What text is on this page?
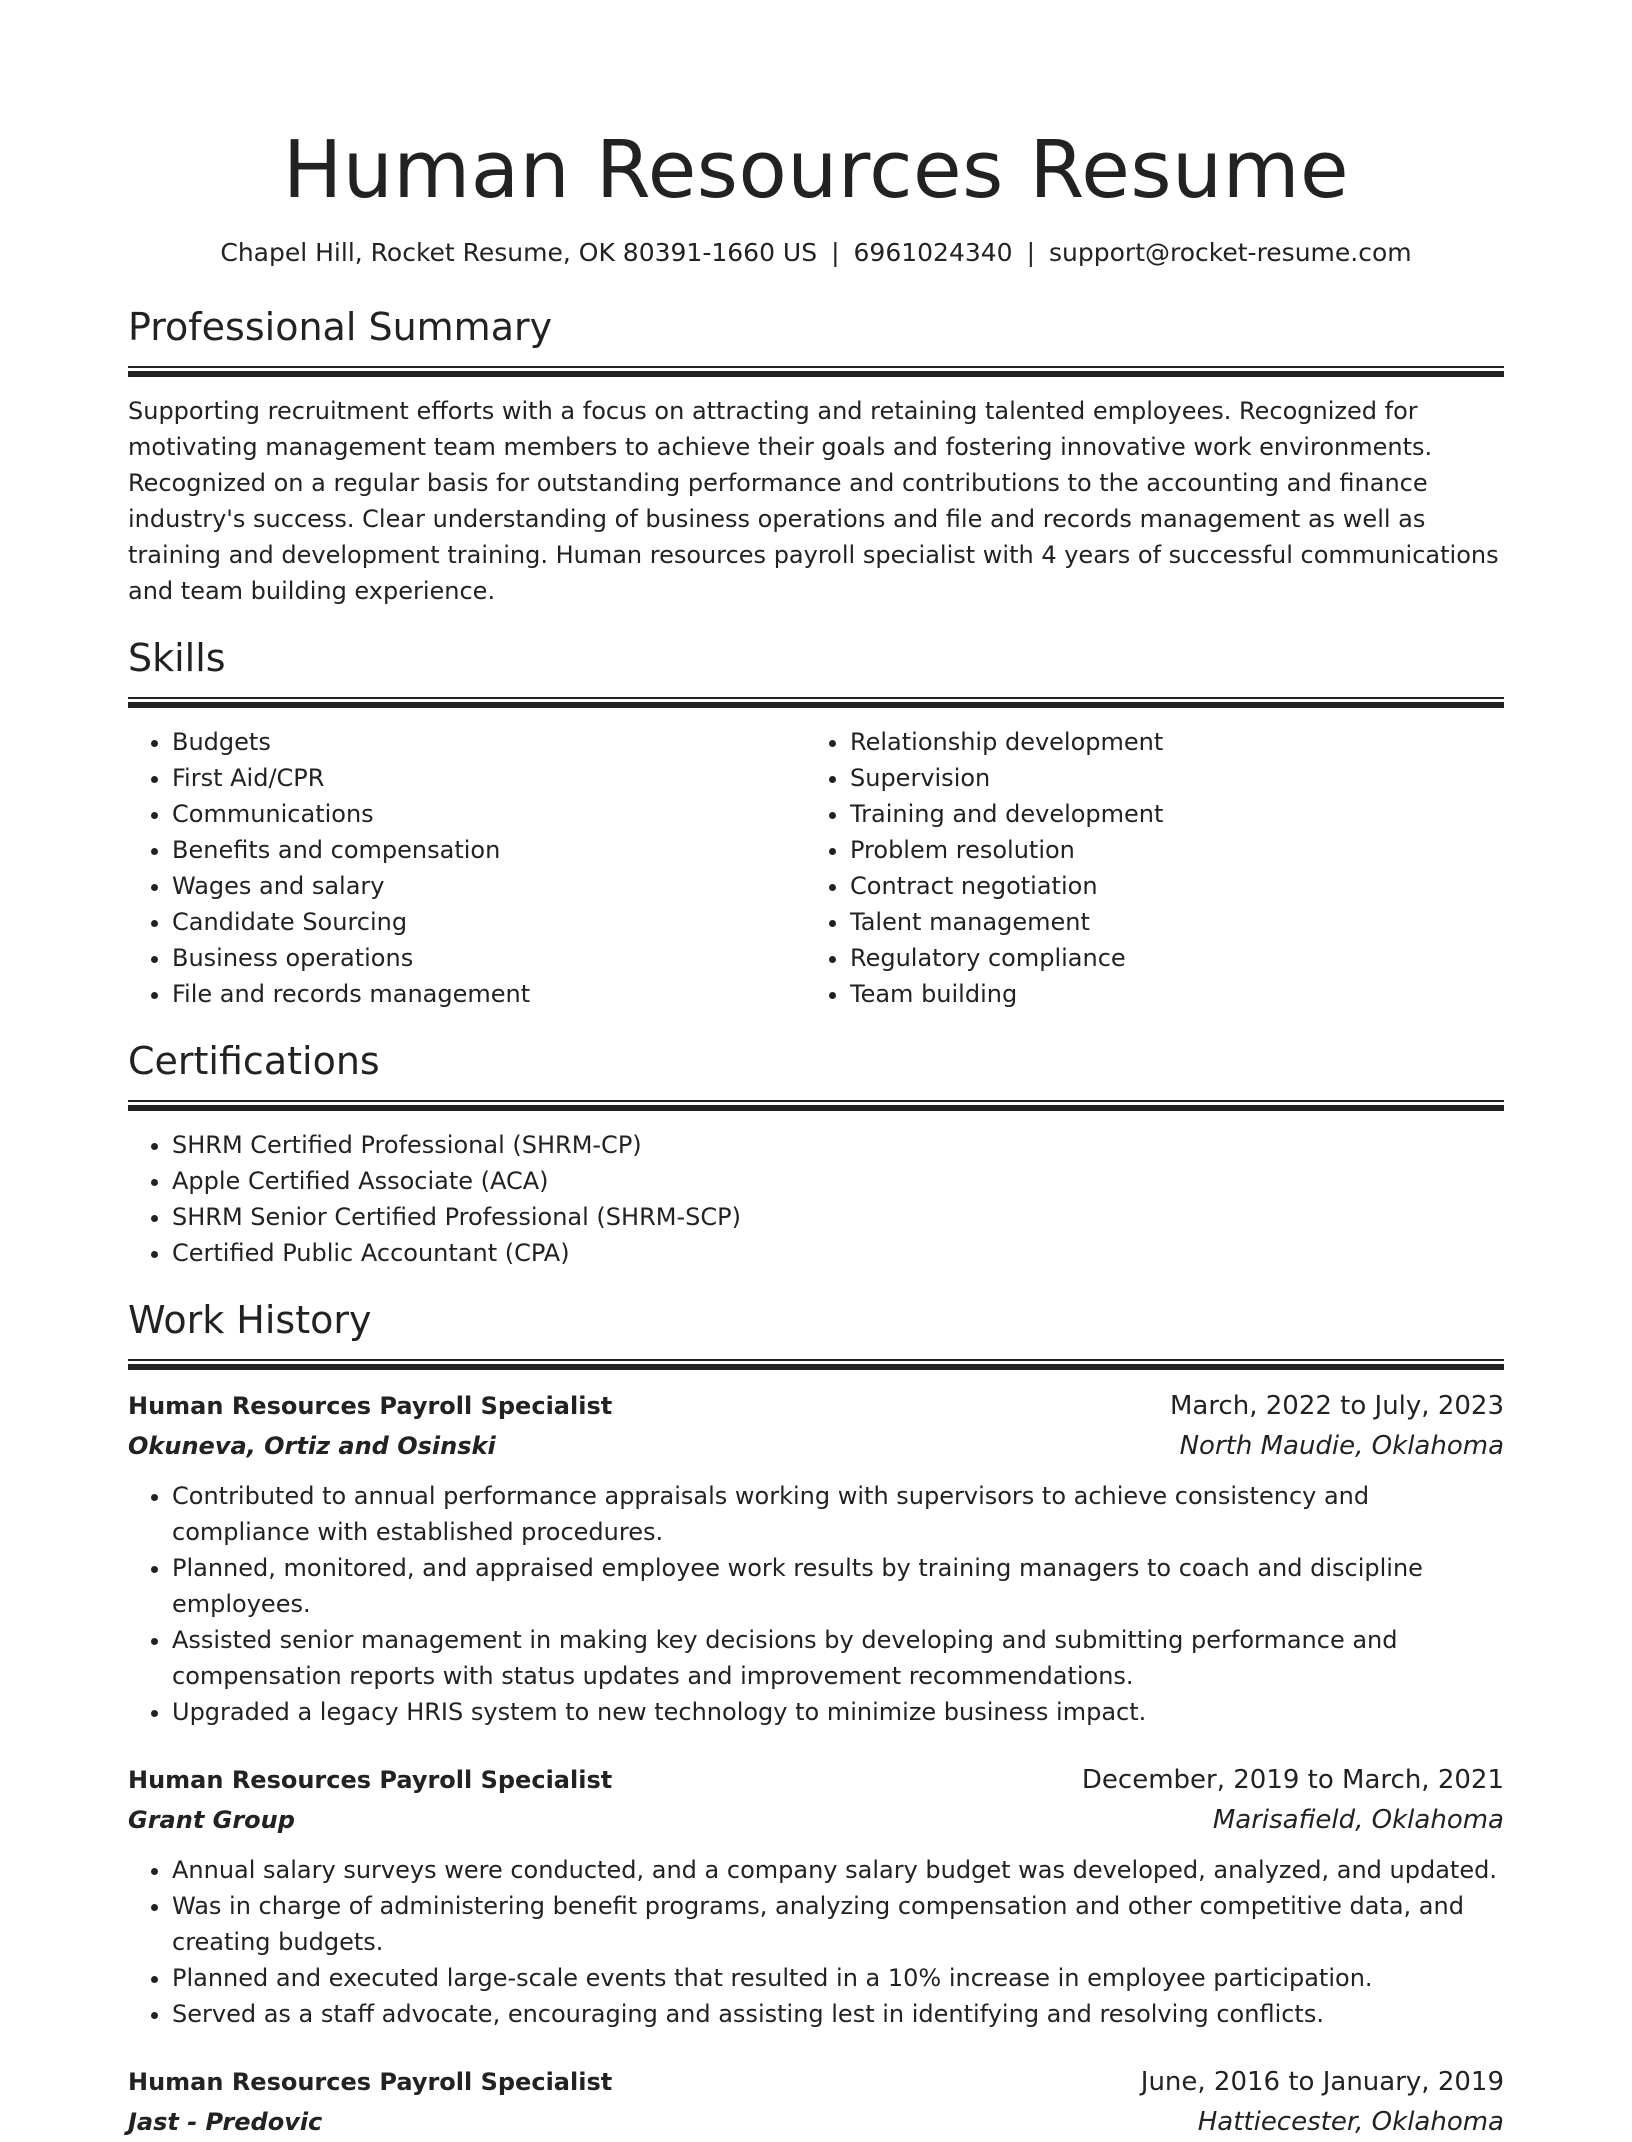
Human Resources Resume
Chapel Hill, Rocket Resume, OK 80391-1660 US | 6961024340 | support@rocket-resume.com
Professional Summary
Supporting recruitment efforts with a focus on attracting and retaining talented employees. Recognized for motivating management team members to achieve their goals and fostering innovative work environments. Recognized on a regular basis for outstanding performance and contributions to the accounting and finance industry's success. Clear understanding of business operations and file and records management as well as training and development training. Human resources payroll specialist with 4 years of successful communications and team building experience.
Skills
• Budgets
• First Aid/CPR
• Communications
• Benefits and compensation
• Wages and salary
• Candidate Sourcing
• Business operations
• File and records management
• Relationship development
• Supervision
• Training and development
• Problem resolution
• Contract negotiation
• Talent management
• Regulatory compliance
• Team building
Certifications
• SHRM Certified Professional (SHRM-CP)
• Apple Certified Associate (ACA)
• SHRM Senior Certified Professional (SHRM-SCP)
• Certified Public Accountant (CPA)
Work History
Human Resources Payroll Specialist	March, 2022 to July, 2023
Okuneva, Ortiz and Osinski	North Maudie, Oklahoma
• Contributed to annual performance appraisals working with supervisors to achieve consistency and compliance with established procedures.
• Planned, monitored, and appraised employee work results by training managers to coach and discipline employees.
• Assisted senior management in making key decisions by developing and submitting performance and compensation reports with status updates and improvement recommendations.
• Upgraded a legacy HRIS system to new technology to minimize business impact.
Human Resources Payroll Specialist	December, 2019 to March, 2021
Grant Group	Marisafield, Oklahoma
• Annual salary surveys were conducted, and a company salary budget was developed, analyzed, and updated.
• Was in charge of administering benefit programs, analyzing compensation and other competitive data, and creating budgets.
• Planned and executed large-scale events that resulted in a 10% increase in employee participation.
• Served as a staff advocate, encouraging and assisting lest in identifying and resolving conflicts.
Human Resources Payroll Specialist	June, 2016 to January, 2019
Jast - Predovic	Hattiecester, Oklahoma
